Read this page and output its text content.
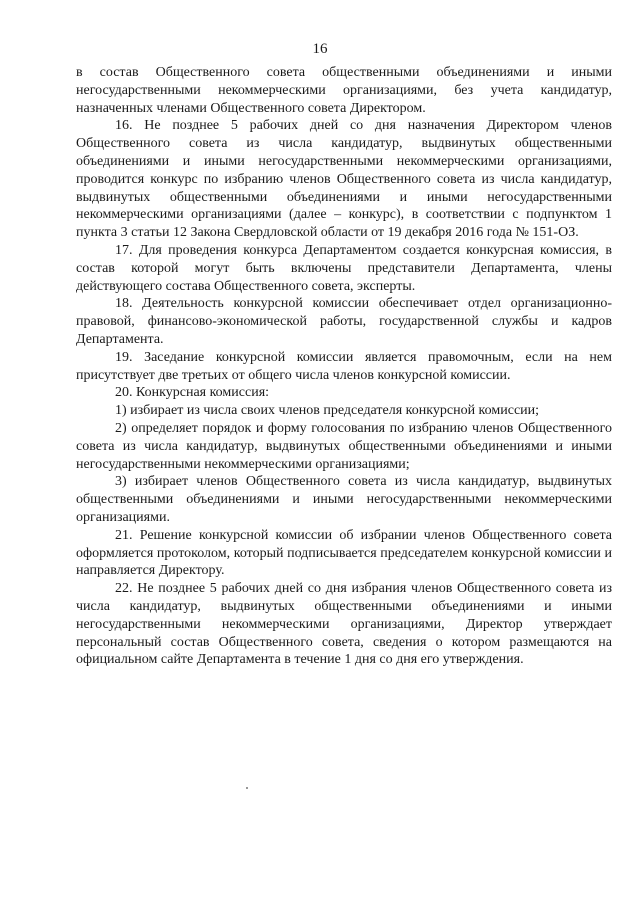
16

в состав Общественного совета общественными объединениями и иными негосударственными некоммерческими организациями, без учета кандидатур, назначенных членами Общественного совета Директором.

16. Не позднее 5 рабочих дней со дня назначения Директором членов Общественного совета из числа кандидатур, выдвинутых общественными объединениями и иными негосударственными некоммерческими организациями, проводится конкурс по избранию членов Общественного совета из числа кандидатур, выдвинутых общественными объединениями и иными негосударственными некоммерческими организациями (далее – конкурс), в соответствии с подпунктом 1 пункта 3 статьи 12 Закона Свердловской области от 19 декабря 2016 года № 151-ОЗ.

17. Для проведения конкурса Департаментом создается конкурсная комиссия, в состав которой могут быть включены представители Департамента, члены действующего состава Общественного совета, эксперты.

18. Деятельность конкурсной комиссии обеспечивает отдел организационно-правовой, финансово-экономической работы, государственной службы и кадров Департамента.

19. Заседание конкурсной комиссии является правомочным, если на нем присутствует две третьих от общего числа членов конкурсной комиссии.

20. Конкурсная комиссия:

1) избирает из числа своих членов председателя конкурсной комиссии;

2) определяет порядок и форму голосования по избранию членов Общественного совета из числа кандидатур, выдвинутых общественными объединениями и иными негосударственными некоммерческими организациями;

3) избирает членов Общественного совета из числа кандидатур, выдвинутых общественными объединениями и иными негосударственными некоммерческими организациями.

21. Решение конкурсной комиссии об избрании членов Общественного совета оформляется протоколом, который подписывается председателем конкурсной комиссии и направляется Директору.

22. Не позднее 5 рабочих дней со дня избрания членов Общественного совета из числа кандидатур, выдвинутых общественными объединениями и иными негосударственными некоммерческими организациями, Директор утверждает персональный состав Общественного совета, сведения о котором размещаются на официальном сайте Департамента в течение 1 дня со дня его утверждения.
